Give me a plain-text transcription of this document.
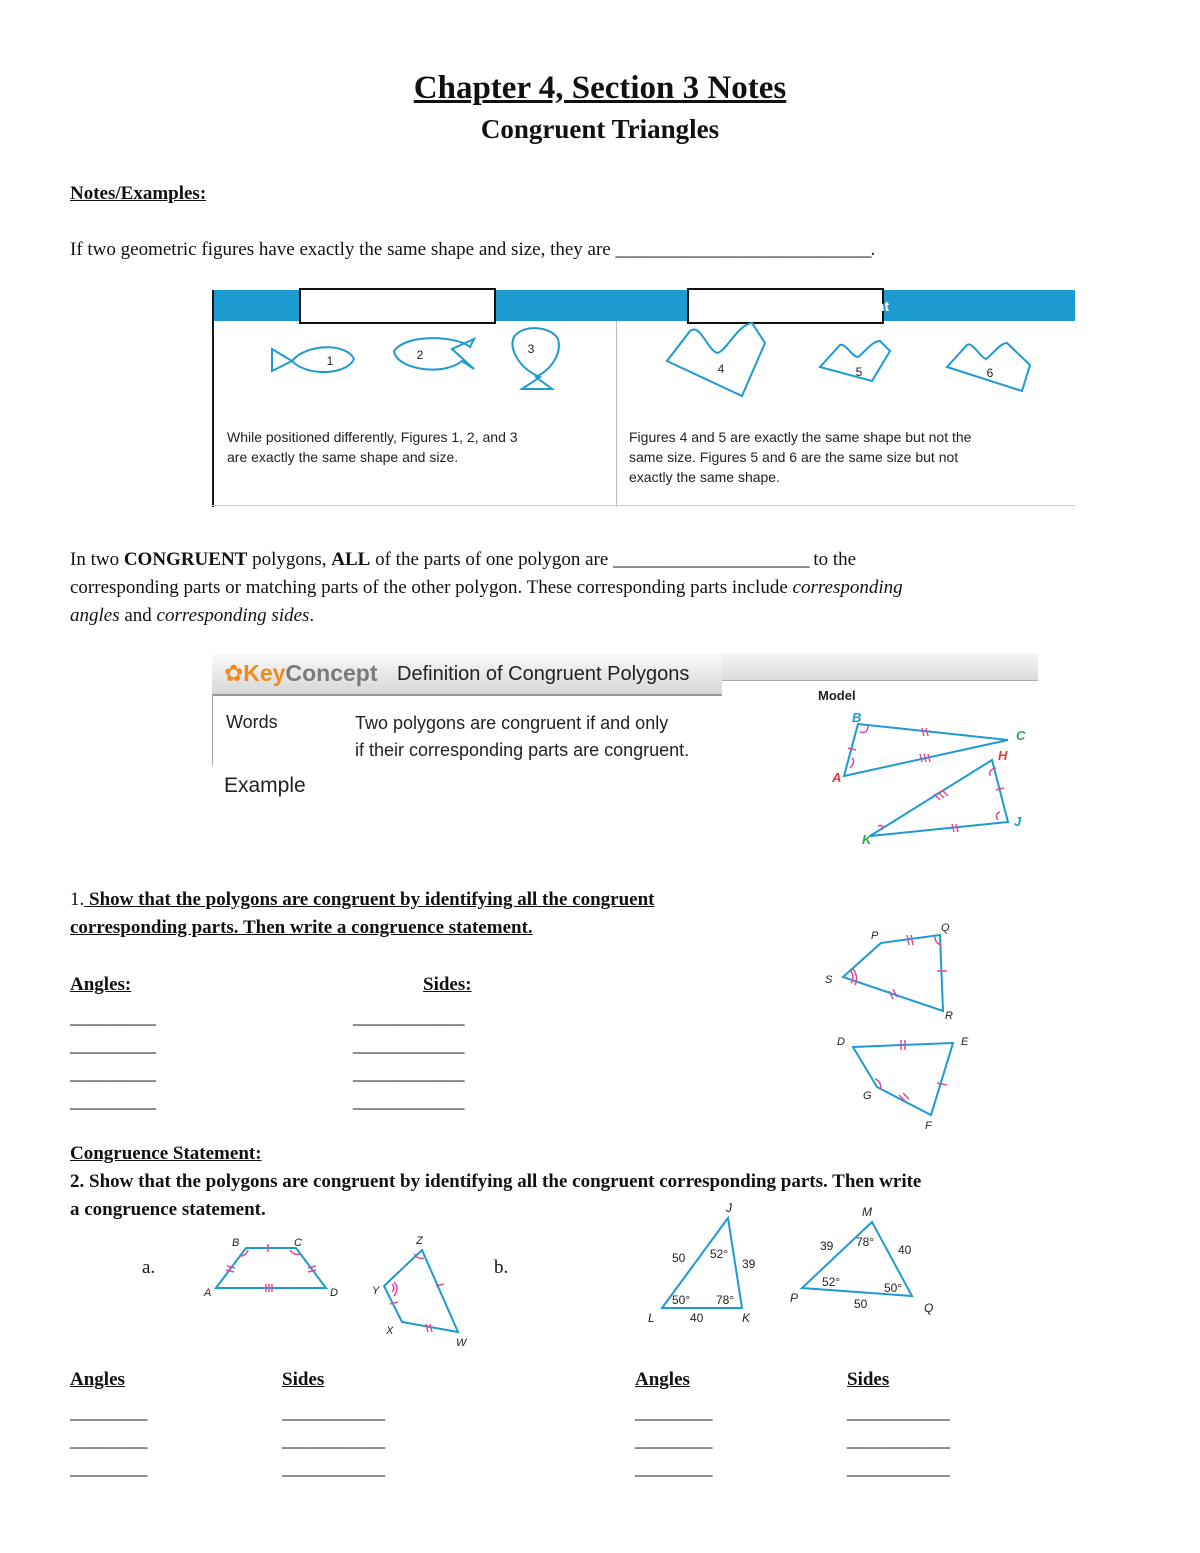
Chapter 4, Section 3 Notes
Congruent Triangles
Notes/Examples:
If two geometric figures have exactly the same shape and size, they are ______________________________.
nt
1	2	3
4	5	6
While positioned differently, Figures 1, 2, and 3
are exactly the same shape and size.
Figures 4 and 5 are exactly the same shape but not the
same size. Figures 5 and 6 are the same size but not
exactly the same shape.
In two CONGRUENT polygons, ALL of the parts of one polygon are _______________________ to the
corresponding parts or matching parts of the other polygon. These corresponding parts include corresponding
angles and corresponding sides.
✿KeyConcept Definition of Congruent Polygons
Words	Two polygons are congruent if and only
if their corresponding parts are congruent.
Example
Model
B
C
A
H
K
J
1. Show that the polygons are congruent by identifying all the congruent
corresponding parts. Then write a congruence statement.
Angles:	Sides:
__________
__________
__________
__________
_____________
_____________
_____________
_____________
P
Q
S
R
D	E
G
F
Congruence Statement:
2. Show that the polygons are congruent by identifying all the congruent corresponding parts. Then write
a congruence statement.
a.	b.
B	C
A	D
Z
Y
X
W
J
L	K
50	39
40
52°
50° 78°
M
P
Q
39	40
50
78°
52°	50°
Angles	Sides	Angles	Sides
_________
_________
_________
____________
____________
____________
_________
_________
_________
____________
____________
____________
